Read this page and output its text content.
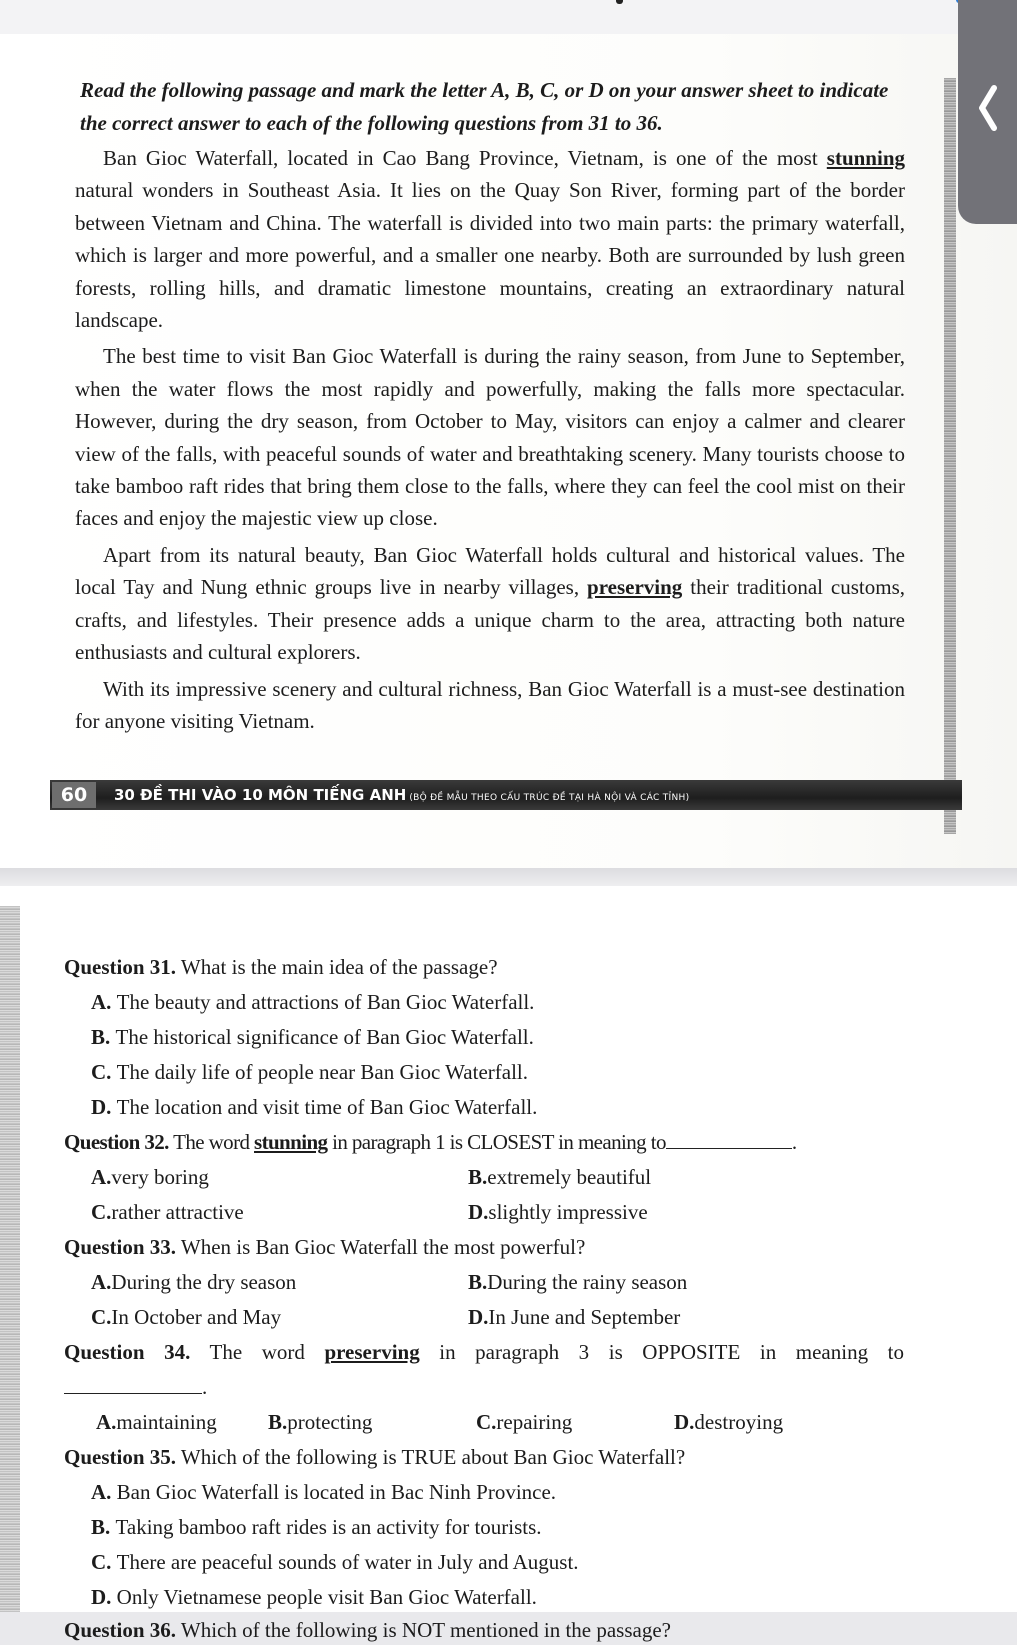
Read the following passage and mark the letter A, B, C, or D on your answer sheet to indicate the correct answer to each of the following questions from 31 to 36.

Ban Gioc Waterfall, located in Cao Bang Province, Vietnam, is one of the most stunning natural wonders in Southeast Asia. It lies on the Quay Son River, forming part of the border between Vietnam and China. The waterfall is divided into two main parts: the primary waterfall, which is larger and more powerful, and a smaller one nearby. Both are surrounded by lush green forests, rolling hills, and dramatic limestone mountains, creating an extraordinary natural landscape.

The best time to visit Ban Gioc Waterfall is during the rainy season, from June to September, when the water flows the most rapidly and powerfully, making the falls more spectacular. However, during the dry season, from October to May, visitors can enjoy a calmer and clearer view of the falls, with peaceful sounds of water and breathtaking scenery. Many tourists choose to take bamboo raft rides that bring them close to the falls, where they can feel the cool mist on their faces and enjoy the majestic view up close.

Apart from its natural beauty, Ban Gioc Waterfall holds cultural and historical values. The local Tay and Nung ethnic groups live in nearby villages, preserving their traditional customs, crafts, and lifestyles. Their presence adds a unique charm to the area, attracting both nature enthusiasts and cultural explorers.

With its impressive scenery and cultural richness, Ban Gioc Waterfall is a must-see destination for anyone visiting Vietnam.

60	30 ĐỀ THI VÀO 10 MÔN TIẾNG ANH (BỘ ĐỀ MẪU THEO CẤU TRÚC ĐỀ TẠI HÀ NỘI VÀ CÁC TỈNH)

Question 31. What is the main idea of the passage?

A.
The beauty and attractions of Ban Gioc Waterfall.
B.
The historical significance of Ban Gioc Waterfall.
C.
The daily life of people near Ban Gioc Waterfall.
D.
The location and visit time of Ban Gioc Waterfall.

Question 32. The word stunning in paragraph 1 is CLOSEST in meaning to	.

A. very boring	B. extremely beautiful
C. rather attractive	D. slightly impressive

Question 33. When is Ban Gioc Waterfall the most powerful?

A. During the dry season	B. During the rainy season
C. In October and May	D. In June and September

Question 34. The word preserving in paragraph 3 is OPPOSITE in meaning to

.

A. maintaining B. protecting	C. repairing	D. destroying

Question 35. Which of the following is TRUE about Ban Gioc Waterfall?

A.
Ban Gioc Waterfall is located in Bac Ninh Province.
B.
Taking bamboo raft rides is an activity for tourists.
C.
There are peaceful sounds of water in July and August.
D.
Only Vietnamese people visit Ban Gioc Waterfall.

Question 36. Which of the following is NOT mentioned in the passage?
